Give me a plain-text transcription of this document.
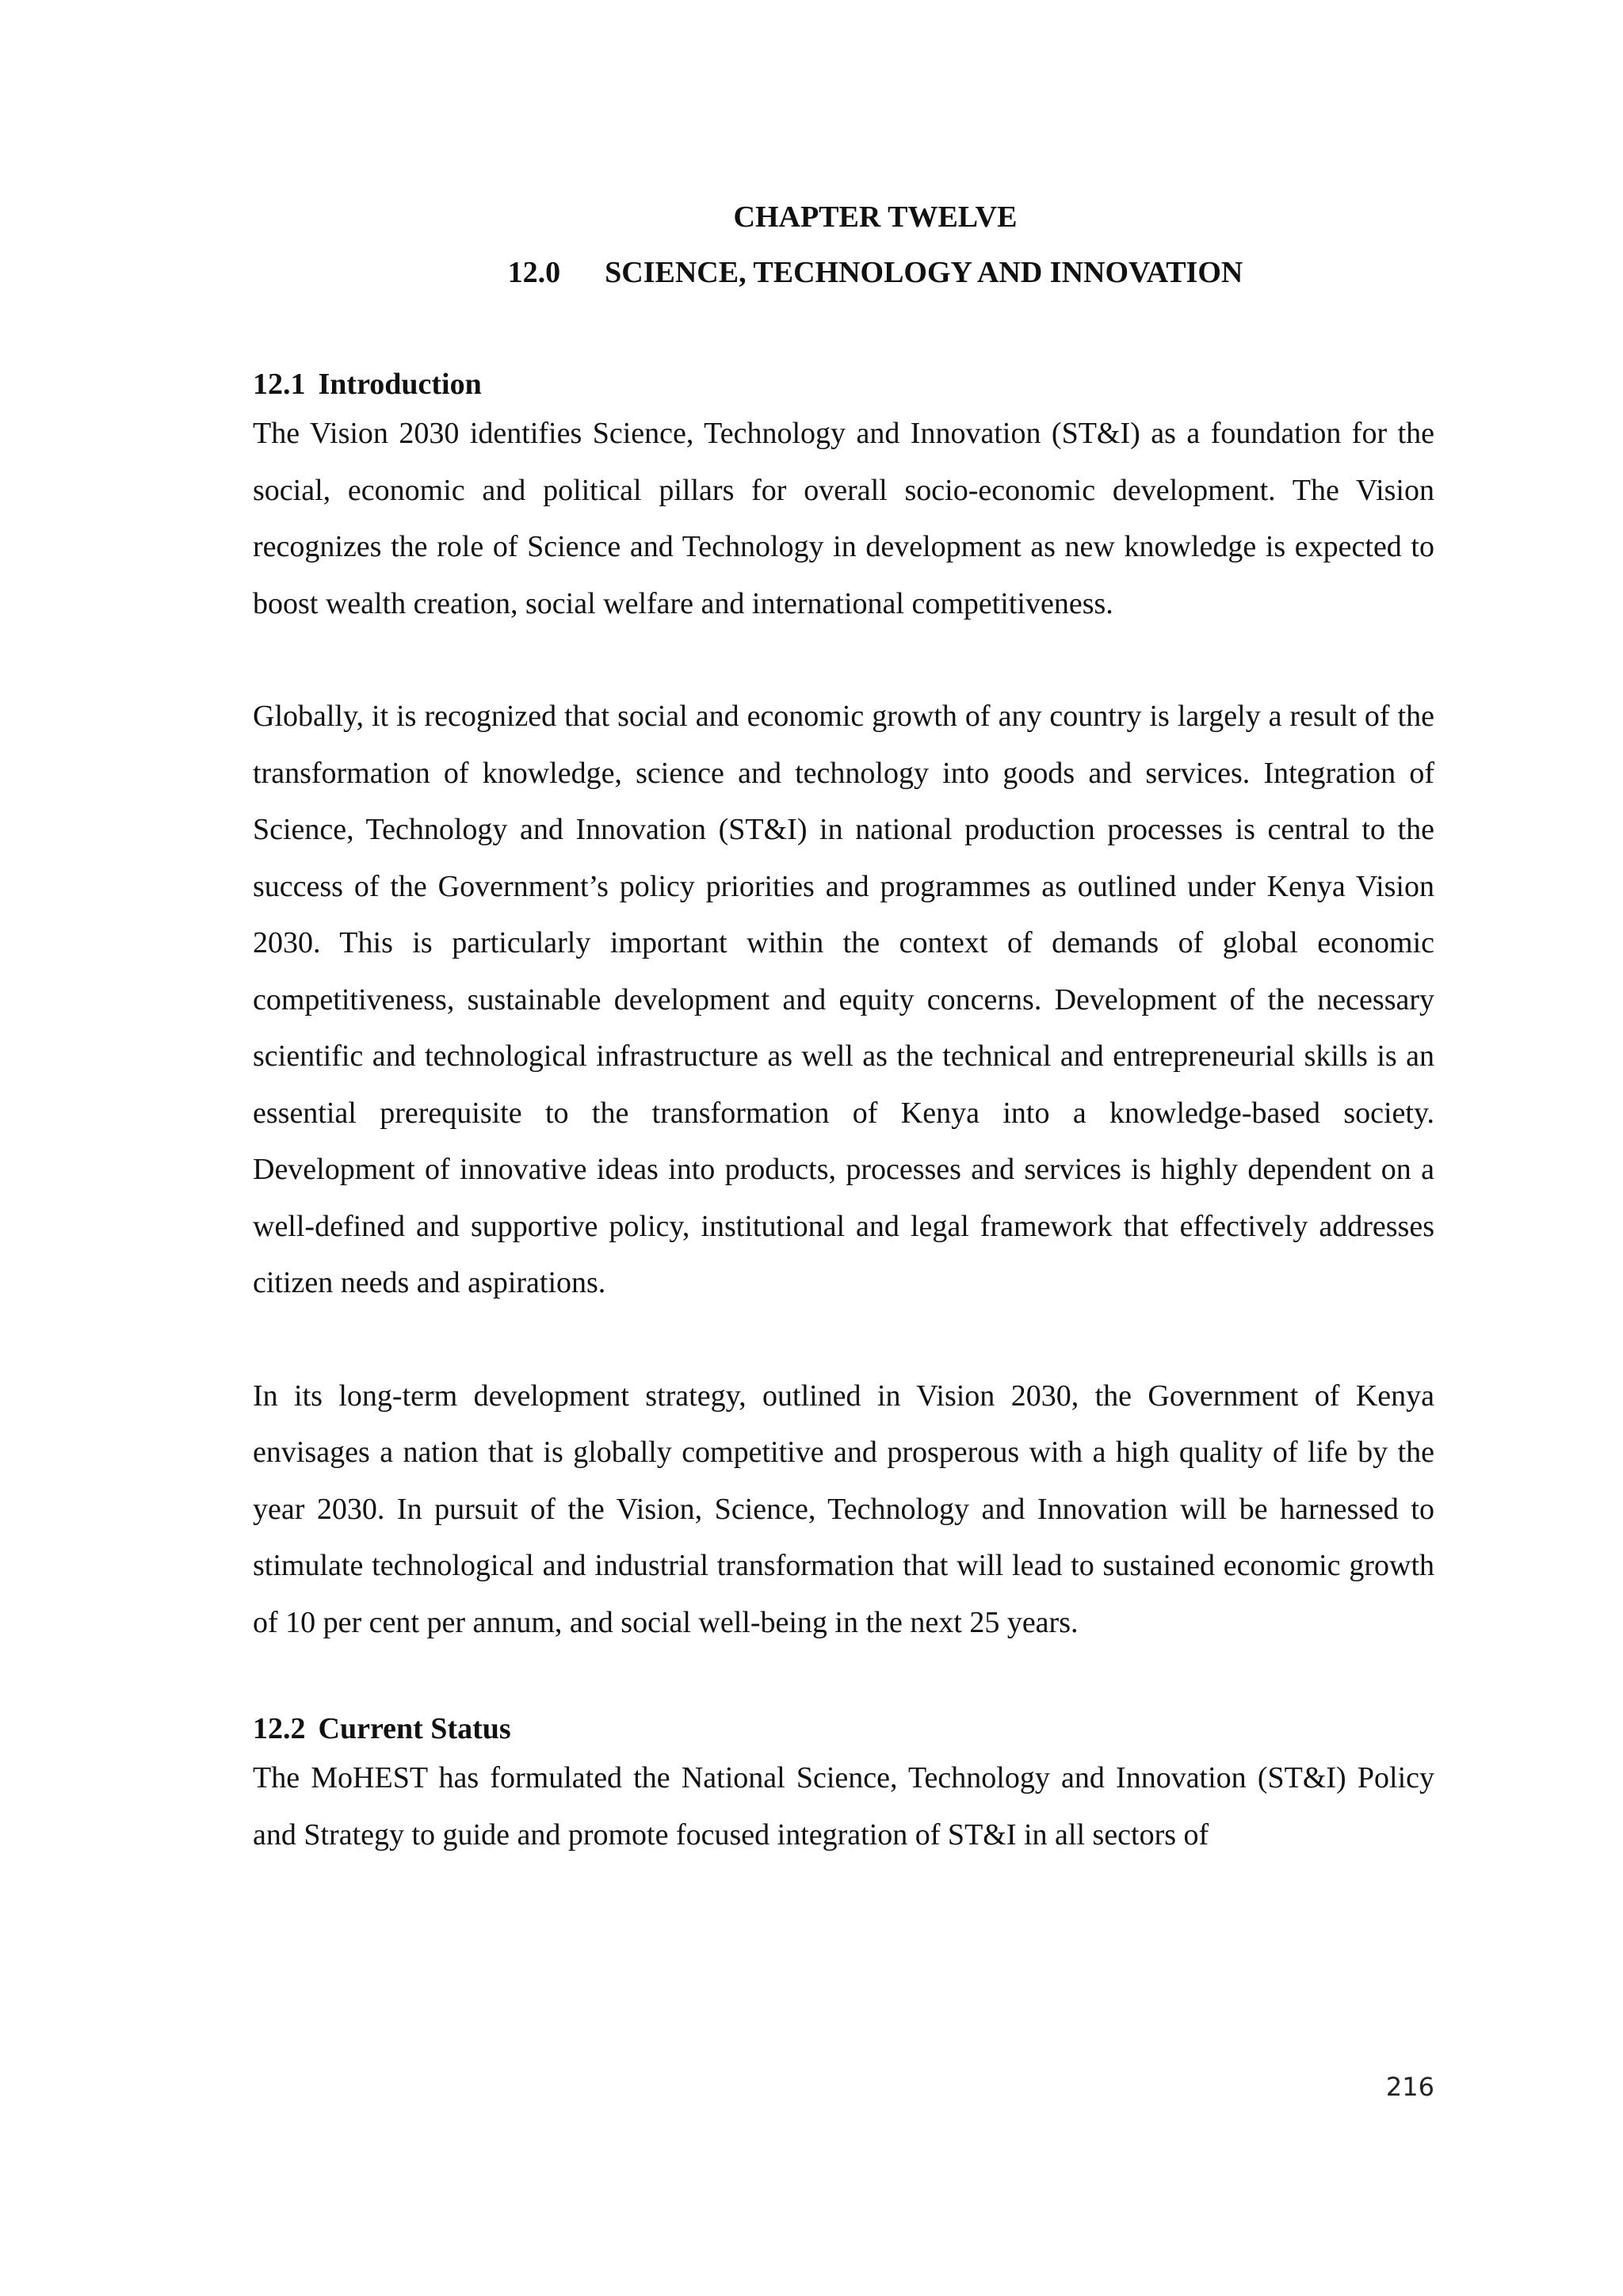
CHAPTER TWELVE
12.0 SCIENCE, TECHNOLOGY AND INNOVATION
12.1 Introduction

The Vision 2030 identifies Science, Technology and Innovation (ST&I) as a foundation for the social, economic and political pillars for overall socio-economic development. The Vision recognizes the role of Science and Technology in development as new knowledge is expected to boost wealth creation, social welfare and international competitiveness.

Globally, it is recognized that social and economic growth of any country is largely a result of the transformation of knowledge, science and technology into goods and services. Integration of Science, Technology and Innovation (ST&I) in national production processes is central to the success of the Government’s policy priorities and programmes as outlined under Kenya Vision 2030. This is particularly important within the context of demands of global economic competitiveness, sustainable development and equity concerns. Development of the necessary scientific and technological infrastructure as well as the technical and entrepreneurial skills is an essential prerequisite to the transformation of Kenya into a knowledge-based society. Development of innovative ideas into products, processes and services is highly dependent on a well-defined and supportive policy, institutional and legal framework that effectively addresses citizen needs and aspirations.

In its long-term development strategy, outlined in Vision 2030, the Government of Kenya envisages a nation that is globally competitive and prosperous with a high quality of life by the year 2030. In pursuit of the Vision, Science, Technology and Innovation will be harnessed to stimulate technological and industrial transformation that will lead to sustained economic growth of 10 per cent per annum, and social well-being in the next 25 years.

12.2 Current Status

The MoHEST has formulated the National Science, Technology and Innovation (ST&I) Policy and Strategy to guide and promote focused integration of ST&I in all sectors of

216
